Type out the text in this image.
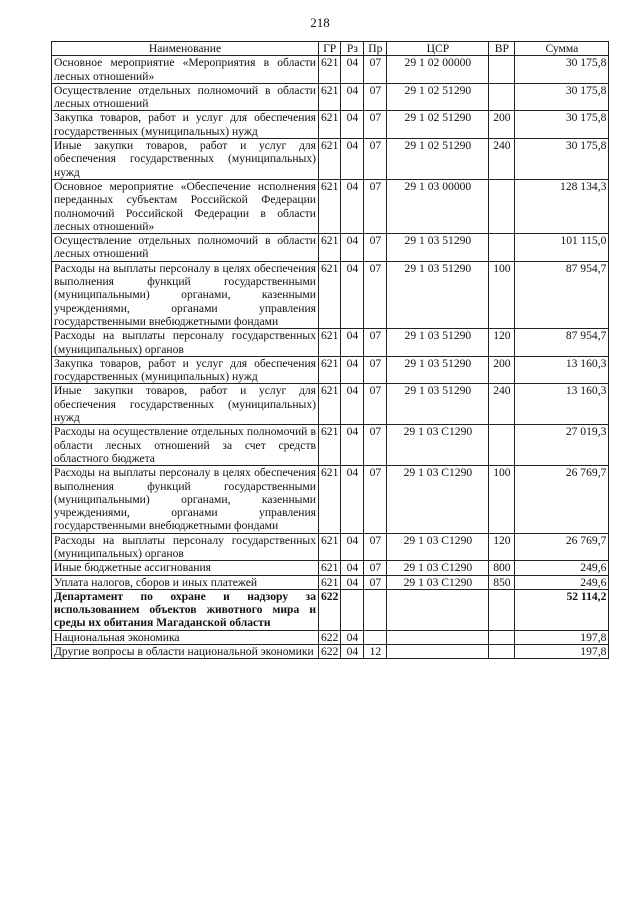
218
Наименование	ГР	Рз	Пр	ЦСР	ВР	Сумма
Основное мероприятие «Мероприятия в области лесных отношений»	621	04	07	29 1 02 00000		30 175,8
Осуществление отдельных полномочий в области лесных отношений	621	04	07	29 1 02 51290		30 175,8
Закупка товаров, работ и услуг для обеспечения государственных (муниципальных) нужд	621	04	07	29 1 02 51290	200	30 175,8
Иные закупки товаров, работ и услуг для обеспечения государственных (муниципальных) нужд	621	04	07	29 1 02 51290	240	30 175,8
Основное мероприятие «Обеспечение исполнения переданных субъектам Российской Федерации полномочий Российской Федерации в области лесных отношений»	621	04	07	29 1 03 00000		128 134,3
Осуществление отдельных полномочий в области лесных отношений	621	04	07	29 1 03 51290		101 115,0
Расходы на выплаты персоналу в целях обеспечения выполнения функций государственными (муниципальными) органами, казенными учреждениями, органами управления государственными внебюджетными фондами	621	04	07	29 1 03 51290	100	87 954,7
Расходы на выплаты персоналу государственных (муниципальных) органов	621	04	07	29 1 03 51290	120	87 954,7
Закупка товаров, работ и услуг для обеспечения государственных (муниципальных) нужд	621	04	07	29 1 03 51290	200	13 160,3
Иные закупки товаров, работ и услуг для обеспечения государственных (муниципальных) нужд	621	04	07	29 1 03 51290	240	13 160,3
Расходы на осуществление отдельных полномочий в области лесных отношений за счет средств областного бюджета	621	04	07	29 1 03 С1290		27 019,3
Расходы на выплаты персоналу в целях обеспечения выполнения функций государственными (муниципальными) органами, казенными учреждениями, органами управления государственными внебюджетными фондами	621	04	07	29 1 03 С1290	100	26 769,7
Расходы на выплаты персоналу государственных (муниципальных) органов	621	04	07	29 1 03 С1290	120	26 769,7
Иные бюджетные ассигнования	621	04	07	29 1 03 С1290	800	249,6
Уплата налогов, сборов и иных платежей	621	04	07	29 1 03 С1290	850	249,6
Департамент по охране и надзору за использованием объектов животного мира и среды их обитания Магаданской области	622					52 114,2
Национальная экономика	622	04				197,8
Другие вопросы в области национальной экономики	622	04	12			197,8
